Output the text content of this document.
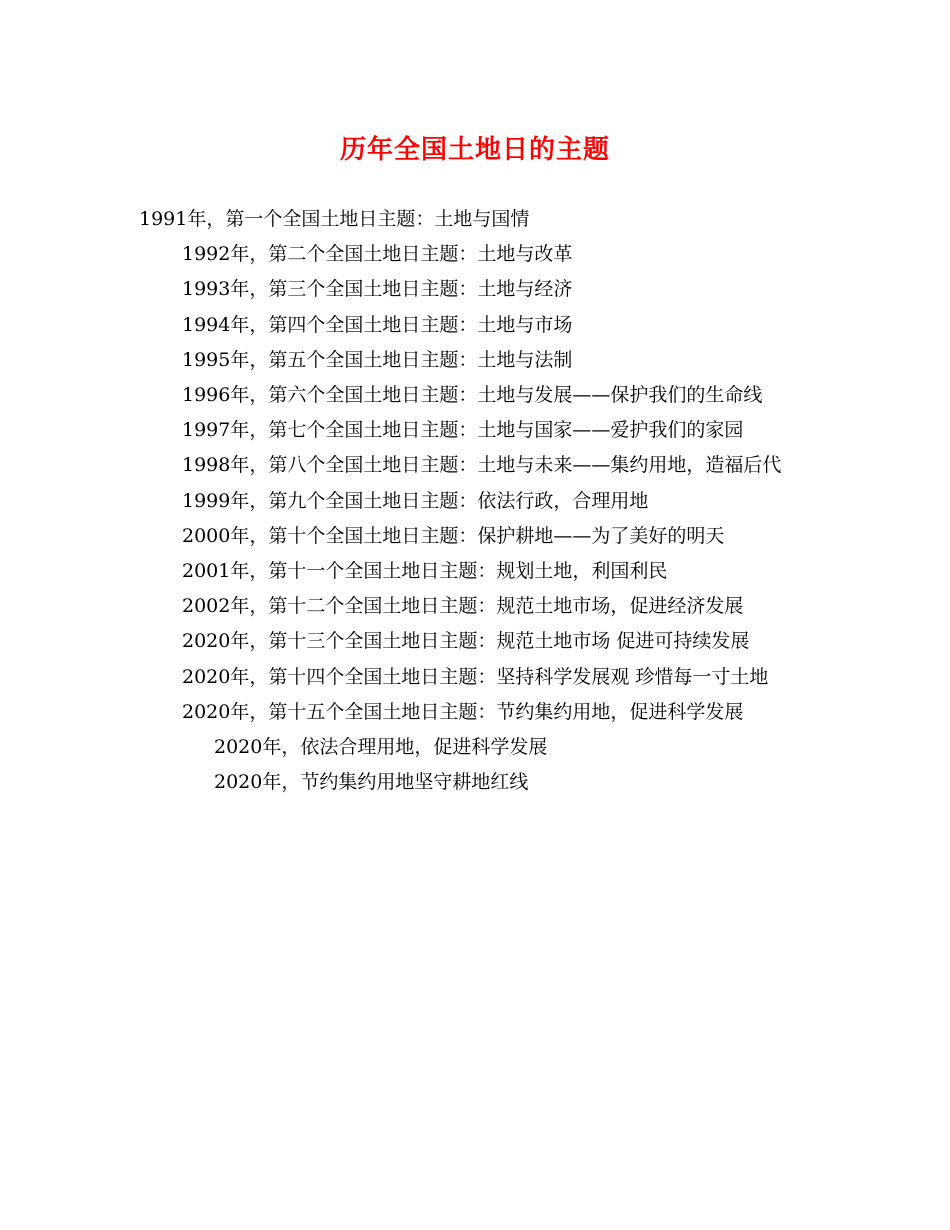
历年全国土地日的主题

1991年，第一个全国土地日主题：土地与国情

1992年，第二个全国土地日主题：土地与改革

1993年，第三个全国土地日主题：土地与经济

1994年，第四个全国土地日主题：土地与市场

1995年，第五个全国土地日主题：土地与法制

1996年，第六个全国土地日主题：土地与发展——保护我们的生命线

1997年，第七个全国土地日主题：土地与国家——爱护我们的家园

1998年，第八个全国土地日主题：土地与未来——集约用地，造福后代

1999年，第九个全国土地日主题：依法行政，合理用地

2000年，第十个全国土地日主题：保护耕地——为了美好的明天

2001年，第十一个全国土地日主题：规划土地，利国利民

2002年，第十二个全国土地日主题：规范土地市场，促进经济发展

2020年，第十三个全国土地日主题：规范土地市场 促进可持续发展

2020年，第十四个全国土地日主题：坚持科学发展观 珍惜每一寸土地

2020年，第十五个全国土地日主题：节约集约用地，促进科学发展

2020年，依法合理用地，促进科学发展

2020年，节约集约用地坚守耕地红线
